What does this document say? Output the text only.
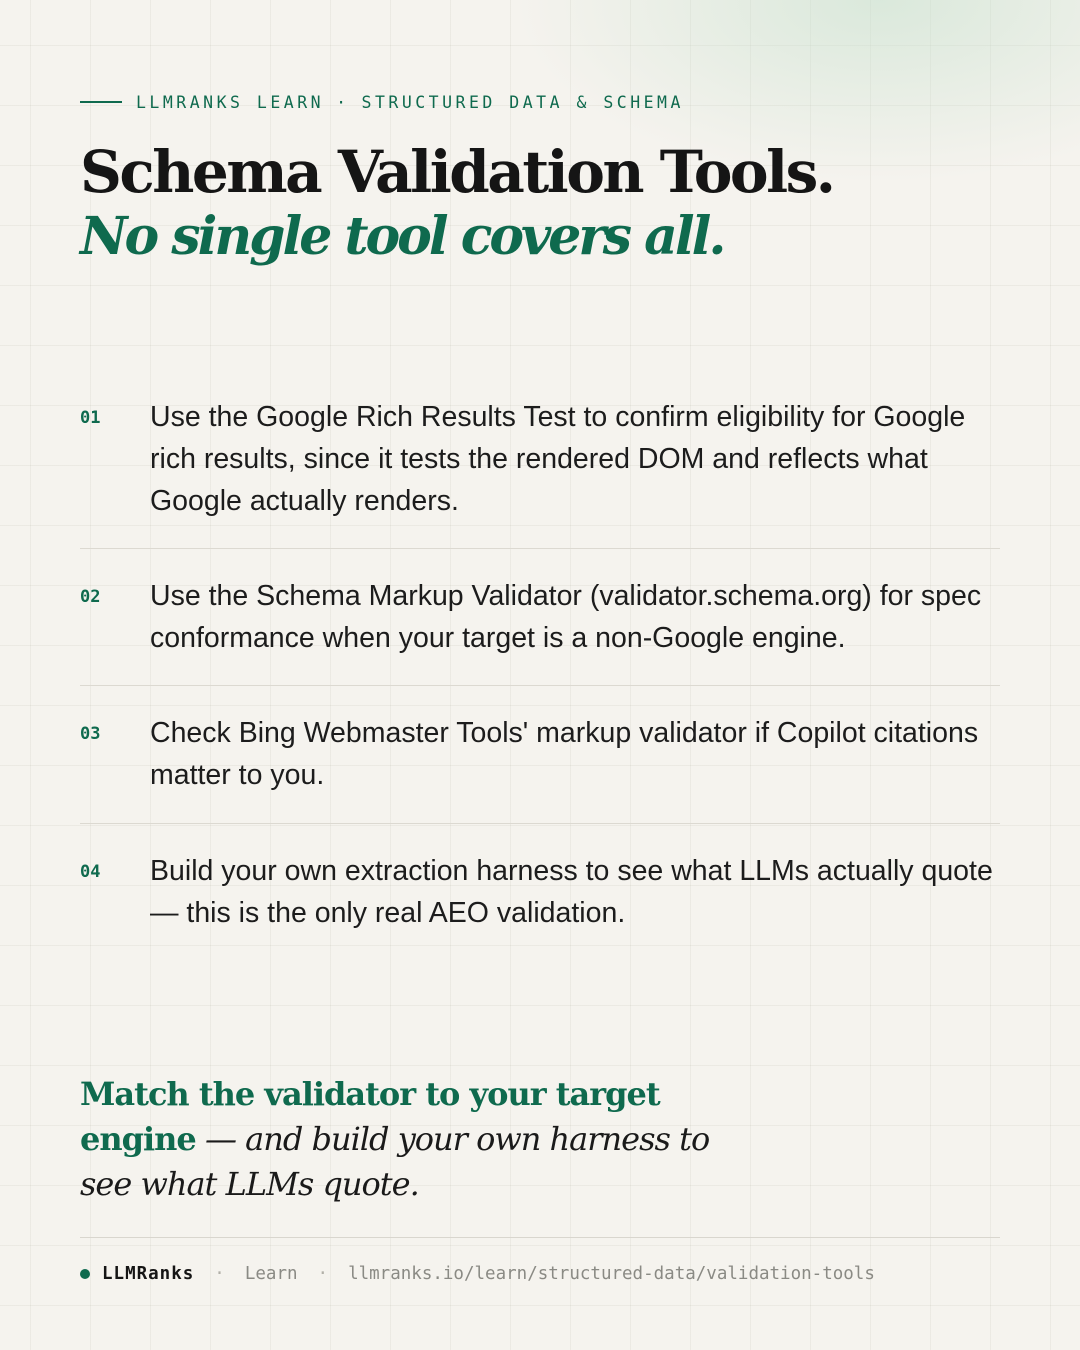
LLMRANKS LEARN · STRUCTURED DATA & SCHEMA
Schema Validation Tools.
No single tool covers all.
01	Use the Google Rich Results Test to confirm eligibility for Google rich results, since it tests the rendered DOM and reflects what Google actually renders.
02	Use the Schema Markup Validator (validator.schema.org) for spec conformance when your target is a non-Google engine.
03	Check Bing Webmaster Tools' markup validator if Copilot citations matter to you.
04	Build your own extraction harness to see what LLMs actually quote — this is the only real AEO validation.

Match the validator to your target engine — and build your own harness to see what LLMs quote.

LLMRanks · Learn · llmranks.io/learn/structured-data/validation-tools
